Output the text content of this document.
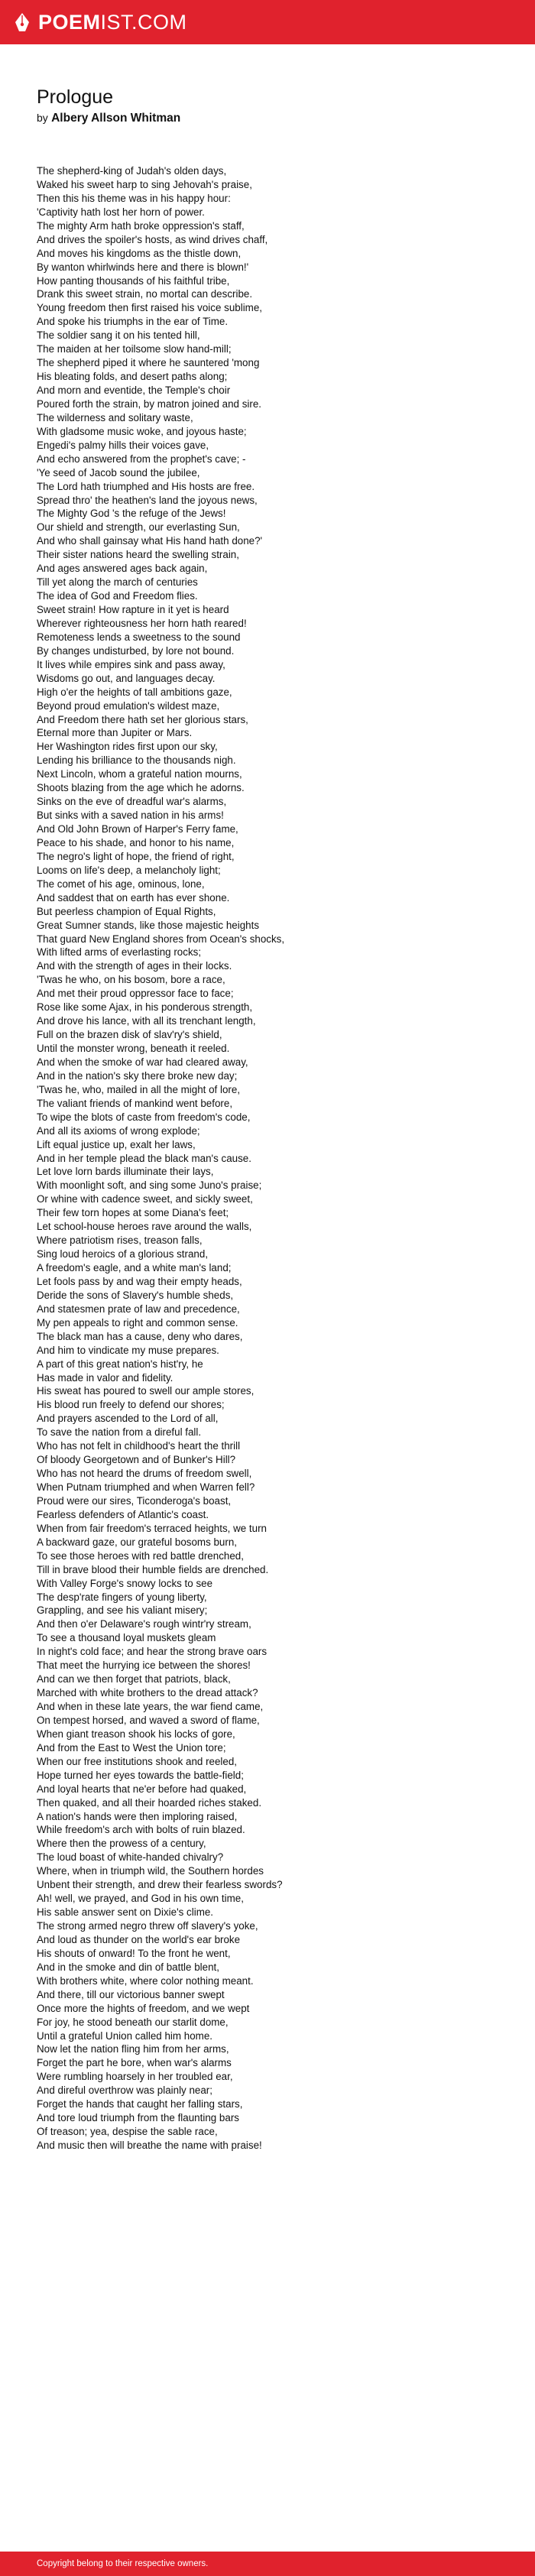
POEMIST.COM
Prologue
by Albery Allson Whitman
The shepherd-king of Judah's olden days,
Waked his sweet harp to sing Jehovah's praise,
Then this his theme was in his happy hour:
'Captivity hath lost her horn of power.
The mighty Arm hath broke oppression's staff,
And drives the spoiler's hosts, as wind drives chaff,
And moves his kingdoms as the thistle down,
By wanton whirlwinds here and there is blown!'
How panting thousands of his faithful tribe,
Drank this sweet strain, no mortal can describe.
Young freedom then first raised his voice sublime,
And spoke his triumphs in the ear of Time.
The soldier sang it on his tented hill,
The maiden at her toilsome slow hand-mill;
The shepherd piped it where he sauntered 'mong
His bleating folds, and desert paths along;
And morn and eventide, the Temple's choir
Poured forth the strain, by matron joined and sire.
The wilderness and solitary waste,
With gladsome music woke, and joyous haste;
Engedi's palmy hills their voices gave,
And echo answered from the prophet's cave; -
'Ye seed of Jacob sound the jubilee,
The Lord hath triumphed and His hosts are free.
Spread thro' the heathen's land the joyous news,
The Mighty God 's the refuge of the Jews!
Our shield and strength, our everlasting Sun,
And who shall gainsay what His hand hath done?'
Their sister nations heard the swelling strain,
And ages answered ages back again,
Till yet along the march of centuries
The idea of God and Freedom flies.
Sweet strain! How rapture in it yet is heard
Wherever righteousness her horn hath reared!
Remoteness lends a sweetness to the sound
By changes undisturbed, by lore not bound.
It lives while empires sink and pass away,
Wisdoms go out, and languages decay.
High o'er the heights of tall ambitions gaze,
Beyond proud emulation's wildest maze,
And Freedom there hath set her glorious stars,
Eternal more than Jupiter or Mars.
Her Washington rides first upon our sky,
Lending his brilliance to the thousands nigh.
Next Lincoln, whom a grateful nation mourns,
Shoots blazing from the age which he adorns.
Sinks on the eve of dreadful war's alarms,
But sinks with a saved nation in his arms!
And Old John Brown of Harper's Ferry fame,
Peace to his shade, and honor to his name,
The negro's light of hope, the friend of right,
Looms on life's deep, a melancholy light;
The comet of his age, ominous, lone,
And saddest that on earth has ever shone.
But peerless champion of Equal Rights,
Great Sumner stands, like those majestic heights
That guard New England shores from Ocean's shocks,
With lifted arms of everlasting rocks;
And with the strength of ages in their locks.
'Twas he who, on his bosom, bore a race,
And met their proud oppressor face to face;
Rose like some Ajax, in his ponderous strength,
And drove his lance, with all its trenchant length,
Full on the brazen disk of slav'ry's shield,
Until the monster wrong, beneath it reeled.
And when the smoke of war had cleared away,
And in the nation's sky there broke new day;
'Twas he, who, mailed in all the might of lore,
The valiant friends of mankind went before,
To wipe the blots of caste from freedom's code,
And all its axioms of wrong explode;
Lift equal justice up, exalt her laws,
And in her temple plead the black man's cause.
Let love lorn bards illuminate their lays,
With moonlight soft, and sing some Juno's praise;
Or whine with cadence sweet, and sickly sweet,
Their few torn hopes at some Diana's feet;
Let school-house heroes rave around the walls,
Where patriotism rises, treason falls,
Sing loud heroics of a glorious strand,
A freedom's eagle, and a white man's land;
Let fools pass by and wag their empty heads,
Deride the sons of Slavery's humble sheds,
And statesmen prate of law and precedence,
My pen appeals to right and common sense.
The black man has a cause, deny who dares,
And him to vindicate my muse prepares.
A part of this great nation's hist'ry, he
Has made in valor and fidelity.
His sweat has poured to swell our ample stores,
His blood run freely to defend our shores;
And prayers ascended to the Lord of all,
To save the nation from a direful fall.
Who has not felt in childhood's heart the thrill
Of bloody Georgetown and of Bunker's Hill?
Who has not heard the drums of freedom swell,
When Putnam triumphed and when Warren fell?
Proud were our sires, Ticonderoga's boast,
Fearless defenders of Atlantic's coast.
When from fair freedom's terraced heights, we turn
A backward gaze, our grateful bosoms burn,
To see those heroes with red battle drenched,
Till in brave blood their humble fields are drenched.
With Valley Forge's snowy locks to see
The desp'rate fingers of young liberty,
Grappling, and see his valiant misery;
And then o'er Delaware's rough wintr'ry stream,
To see a thousand loyal muskets gleam
In night's cold face; and hear the strong brave oars
That meet the hurrying ice between the shores!
And can we then forget that patriots, black,
Marched with white brothers to the dread attack?
And when in these late years, the war fiend came,
On tempest horsed, and waved a sword of flame,
When giant treason shook his locks of gore,
And from the East to West the Union tore;
When our free institutions shook and reeled,
Hope turned her eyes towards the battle-field;
And loyal hearts that ne'er before had quaked,
Then quaked, and all their hoarded riches staked.
A nation's hands were then imploring raised,
While freedom's arch with bolts of ruin blazed.
Where then the prowess of a century,
The loud boast of white-handed chivalry?
Where, when in triumph wild, the Southern hordes
Unbent their strength, and drew their fearless swords?
Ah! well, we prayed, and God in his own time,
His sable answer sent on Dixie's clime.
The strong armed negro threw off slavery's yoke,
And loud as thunder on the world's ear broke
His shouts of onward! To the front he went,
And in the smoke and din of battle blent,
With brothers white, where color nothing meant.
And there, till our victorious banner swept
Once more the hights of freedom, and we wept
For joy, he stood beneath our starlit dome,
Until a grateful Union called him home.
Now let the nation fling him from her arms,
Forget the part he bore, when war's alarms
Were rumbling hoarsely in her troubled ear,
And direful overthrow was plainly near;
Forget the hands that caught her falling stars,
And tore loud triumph from the flaunting bars
Of treason; yea, despise the sable race,
And music then will breathe the name with praise!
Copyright belong to their respective owners.
